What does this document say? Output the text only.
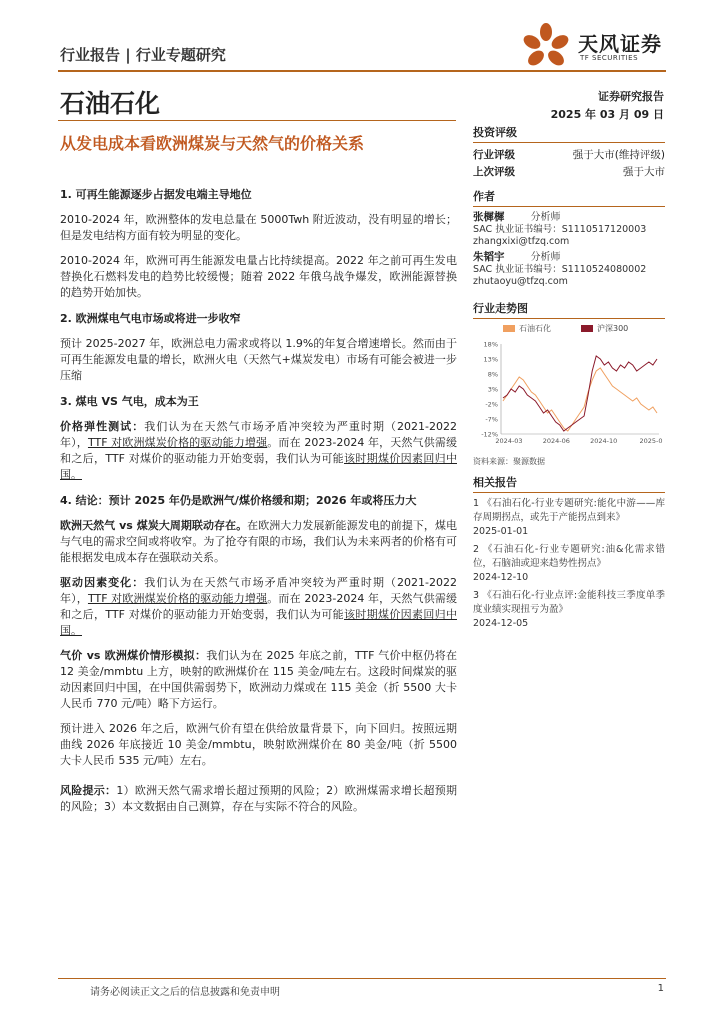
行业报告 | 行业专题研究	天风证券
TF SECURITIES
石油石化	证券研究报告
2025 年 03 月 09 日
从发电成本看欧洲煤炭与天然气的价格关系
1. 可再生能源逐步占据发电端主导地位
2010-2024 年，欧洲整体的发电总量在 5000Twh 附近波动，没有明显的增长；但是发电结构方面有较为明显的变化。
2010-2024 年，欧洲可再生能源发电量占比持续提高。2022 年之前可再生发电替换化石燃料发电的趋势比较缓慢；随着 2022 年俄乌战争爆发，欧洲能源替换的趋势开始加快。
2. 欧洲煤电气电市场或将进一步收窄
预计 2025-2027 年，欧洲总电力需求或将以 1.9%的年复合增速增长。然而由于可再生能源发电量的增长，欧洲火电（天然气+煤炭发电）市场有可能会被进一步压缩
3. 煤电 VS 气电，成本为王
价格弹性测试：我们认为在天然气市场矛盾冲突较为严重时期（2021-2022 年），TTF 对欧洲煤炭价格的驱动能力增强。而在 2023-2024 年，天然气供需缓和之后，TTF 对煤价的驱动能力开始变弱，我们认为可能该时期煤价因素回归中国。
4. 结论：预计 2025 年仍是欧洲气/煤价格缓和期；2026 年或将压力大
欧洲天然气 vs 煤炭大周期联动存在。在欧洲大力发展新能源发电的前提下，煤电与气电的需求空间或将收窄。为了抢夺有限的市场，我们认为未来两者的价格有可能根据发电成本存在强联动关系。
驱动因素变化：我们认为在天然气市场矛盾冲突较为严重时期（2021-2022 年），TTF 对欧洲煤炭价格的驱动能力增强。而在 2023-2024 年，天然气供需缓和之后，TTF 对煤价的驱动能力开始变弱，我们认为可能该时期煤价因素回归中国。
气价 vs 欧洲煤价情形模拟：我们认为在 2025 年底之前，TTF 气价中枢仍将在 12 美金/mmbtu 上方，映射的欧洲煤价在 115 美金/吨左右。这段时间煤炭的驱动因素回归中国，在中国供需弱势下，欧洲动力煤或在 115 美金（折 5500 大卡人民币 770 元/吨）略下方运行。
预计进入 2026 年之后，欧洲气价有望在供给放量背景下，向下回归。按照远期曲线 2026 年底接近 10 美金/mmbtu，映射欧洲煤价在 80 美金/吨（折 5500 大卡人民币 535 元/吨）左右。
风险提示：1）欧洲天然气需求增长超过预期的风险；2）欧洲煤需求增长超预期的风险；3）本文数据由自己测算，存在与实际不符合的风险。
投资评级
行业评级	强于大市(维持评级)
上次评级	强于大市
作者
张樨樨	分析师
SAC 执业证书编号：S1110517120003
zhangxixi@tfzq.com
朱韬宇	分析师
SAC 执业证书编号：S1110524080002
zhutaoyu@tfzq.com
行业走势图
石油石化	沪深300
18%
13%
8%
3%
-2%
-7%
-12%
2024-03	2024-06	2024-10	2025-0
资料来源：聚源数据
相关报告
1 《石油石化-行业专题研究:能化中游——库存周期拐点，或先于产能拐点到来》
2025-01-01
2 《石油石化-行业专题研究:油&化需求错位，石脑油或迎来趋势性拐点》
2024-12-10
3 《石油石化-行业点评:金能科技三季度单季度业绩实现扭亏为盈》
2024-12-05
请务必阅读正文之后的信息披露和免责申明	1
